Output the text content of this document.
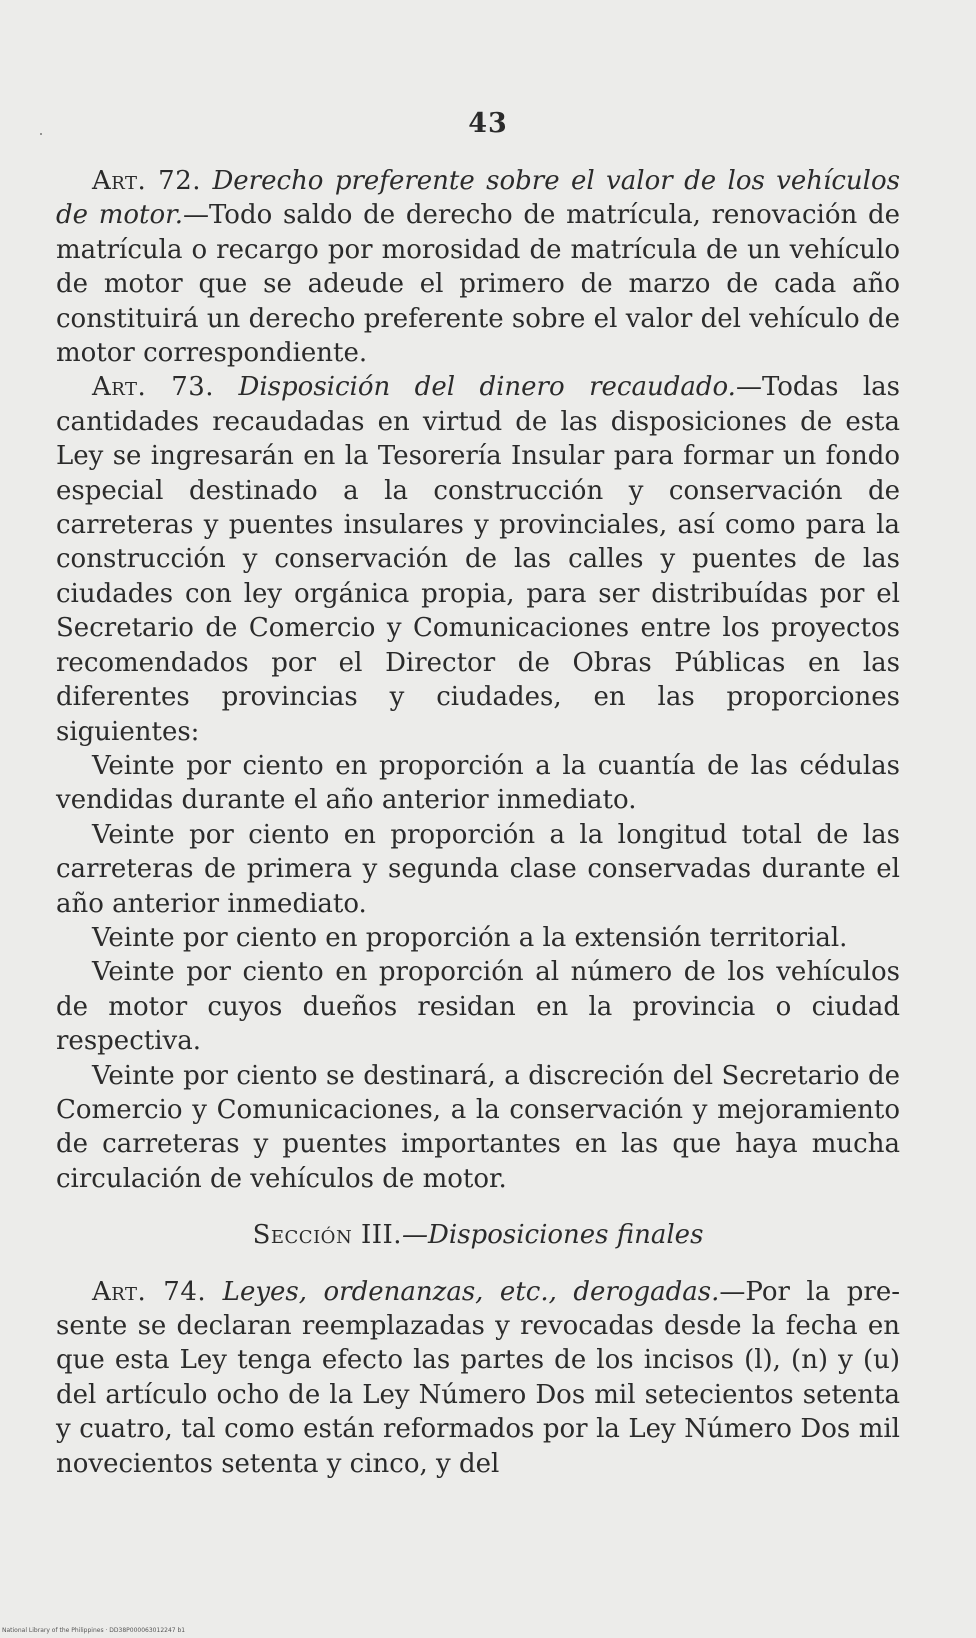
43

Art. 72. Derecho preferente sobre el valor de los vehículos de motor.—Todo saldo de derecho de matrícula, renovación de matrícula o recargo por morosidad de matrícula de un vehículo de motor que se adeude el primero de marzo de cada año constituirá un derecho preferente sobre el valor del vehículo de motor correspondiente.

Art. 73. Disposición del dinero recaudado.—Todas las cantidades recaudadas en virtud de las disposiciones de esta Ley se ingresarán en la Tesorería Insular para formar un fondo especial destinado a la construcción y conservación de carreteras y puentes insulares y provinciales, así como para la construcción y conservación de las calles y puentes de las ciudades con ley orgánica propia, para ser distribuídas por el Secretario de Comercio y Comunicaciones entre los proyectos recomendados por el Director de Obras Públicas en las diferentes provincias y ciudades, en las proporciones siguientes:

Veinte por ciento en proporción a la cuantía de las cédulas vendidas durante el año anterior inmediato.

Veinte por ciento en proporción a la longitud total de las carreteras de primera y segunda clase conservadas durante el año anterior inmediato.

Veinte por ciento en proporción a la extensión territorial.

Veinte por ciento en proporción al número de los vehículos de motor cuyos dueños residan en la provincia o ciudad respectiva.

Veinte por ciento se destinará, a discreción del Secretario de Comercio y Comunicaciones, a la conservación y mejoramiento de carreteras y puentes importantes en las que haya mucha circulación de vehículos de motor.

Sección III.—Disposiciones finales

Art. 74. Leyes, ordenanzas, etc., derogadas.—Por la presente se declaran reemplazadas y revocadas desde la fecha en que esta Ley tenga efecto las partes de los incisos (l), (n) y (u) del artículo ocho de la Ley Número Dos mil setecientos setenta y cuatro, tal como están reformados por la Ley Número Dos mil novecientos setenta y cinco, y del

National Library of the Philippines · DD38P000063012247 b1
